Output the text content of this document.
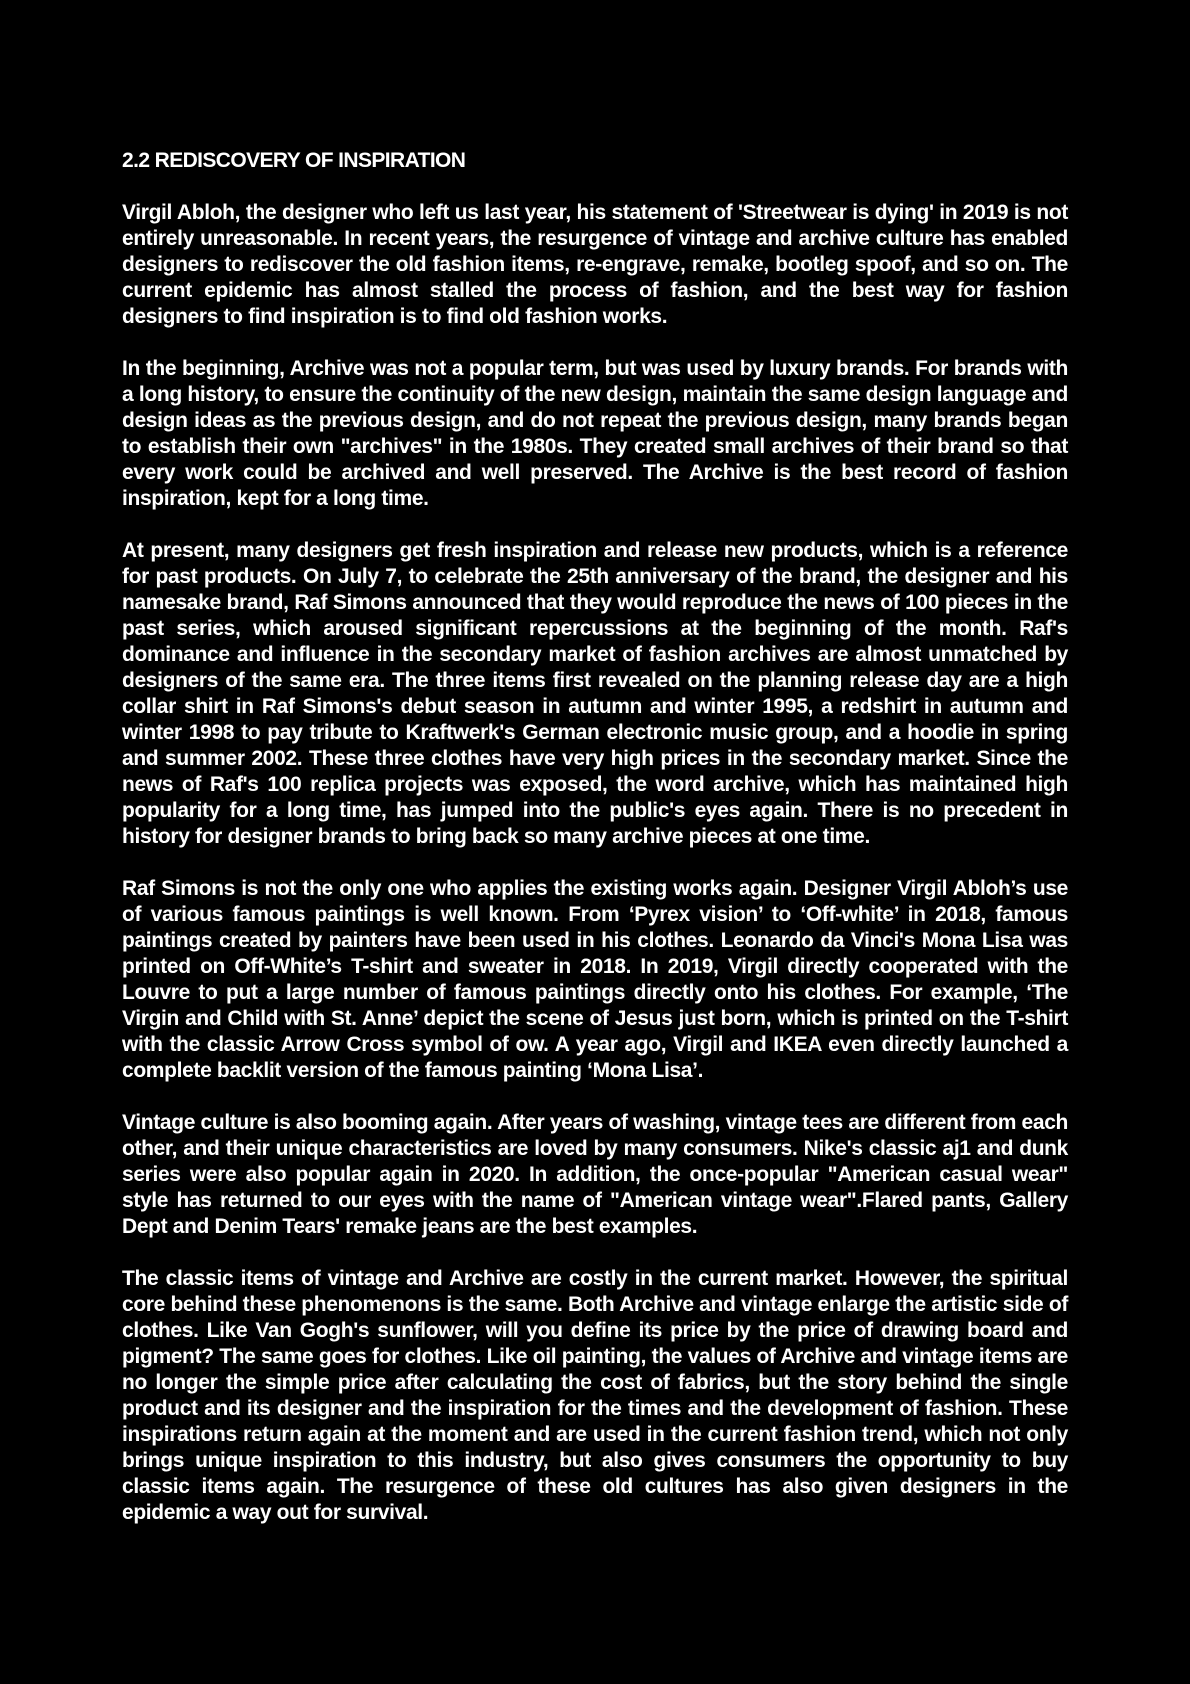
2.2 REDISCOVERY OF INSPIRATION

Virgil Abloh, the designer who left us last year, his statement of 'Streetwear is dying' in 2019 is not entirely unreasonable. In recent years, the resurgence of vintage and archive culture has enabled designers to rediscover the old fashion items, re-engrave, remake, bootleg spoof, and so on. The current epidemic has almost stalled the process of fashion, and the best way for fashion designers to find inspiration is to find old fashion works.

In the beginning, Archive was not a popular term, but was used by luxury brands. For brands with a long history, to ensure the continuity of the new design, maintain the same design language and design ideas as the previous design, and do not repeat the previous design, many brands began to establish their own "archives" in the 1980s. They created small archives of their brand so that every work could be archived and well preserved. The Archive is the best record of fashion inspiration, kept for a long time.

At present, many designers get fresh inspiration and release new products, which is a reference for past products. On July 7, to celebrate the 25th anniversary of the brand, the designer and his namesake brand, Raf Simons announced that they would reproduce the news of 100 pieces in the past series, which aroused significant repercussions at the beginning of the month. Raf's dominance and influence in the secondary market of fashion archives are almost unmatched by designers of the same era. The three items first revealed on the planning release day are a high collar shirt in Raf Simons's debut season in autumn and winter 1995, a redshirt in autumn and winter 1998 to pay tribute to Kraftwerk's German electronic music group, and a hoodie in spring and summer 2002. These three clothes have very high prices in the secondary market. Since the news of Raf's 100 replica projects was exposed, the word archive, which has maintained high popularity for a long time, has jumped into the public's eyes again. There is no precedent in history for designer brands to bring back so many archive pieces at one time.

Raf Simons is not the only one who applies the existing works again. Designer Virgil Abloh’s use of various famous paintings is well known. From ‘Pyrex vision’ to ‘Off-white’ in 2018, famous paintings created by painters have been used in his clothes. Leonardo da Vinci's Mona Lisa was printed on Off-White’s T-shirt and sweater in 2018. In 2019, Virgil directly cooperated with the Louvre to put a large number of famous paintings directly onto his clothes. For example, ‘The Virgin and Child with St. Anne’ depict the scene of Jesus just born, which is printed on the T-shirt with the classic Arrow Cross symbol of ow. A year ago, Virgil and IKEA even directly launched a complete backlit version of the famous painting ‘Mona Lisa’.

Vintage culture is also booming again. After years of washing, vintage tees are different from each other, and their unique characteristics are loved by many consumers. Nike's classic aj1 and dunk series were also popular again in 2020. In addition, the once-popular "American casual wear" style has returned to our eyes with the name of "American vintage wear".Flared pants, Gallery Dept and Denim Tears' remake jeans are the best examples.

The classic items of vintage and Archive are costly in the current market. However, the spiritual core behind these phenomenons is the same. Both Archive and vintage enlarge the artistic side of clothes. Like Van Gogh's sunflower, will you define its price by the price of drawing board and pigment? The same goes for clothes. Like oil painting, the values of Archive and vintage items are no longer the simple price after calculating the cost of fabrics, but the story behind the single product and its designer and the inspiration for the times and the development of fashion. These inspirations return again at the moment and are used in the current fashion trend, which not only brings unique inspiration to this industry, but also gives consumers the opportunity to buy classic items again. The resurgence of these old cultures has also given designers in the epidemic a way out for survival.
